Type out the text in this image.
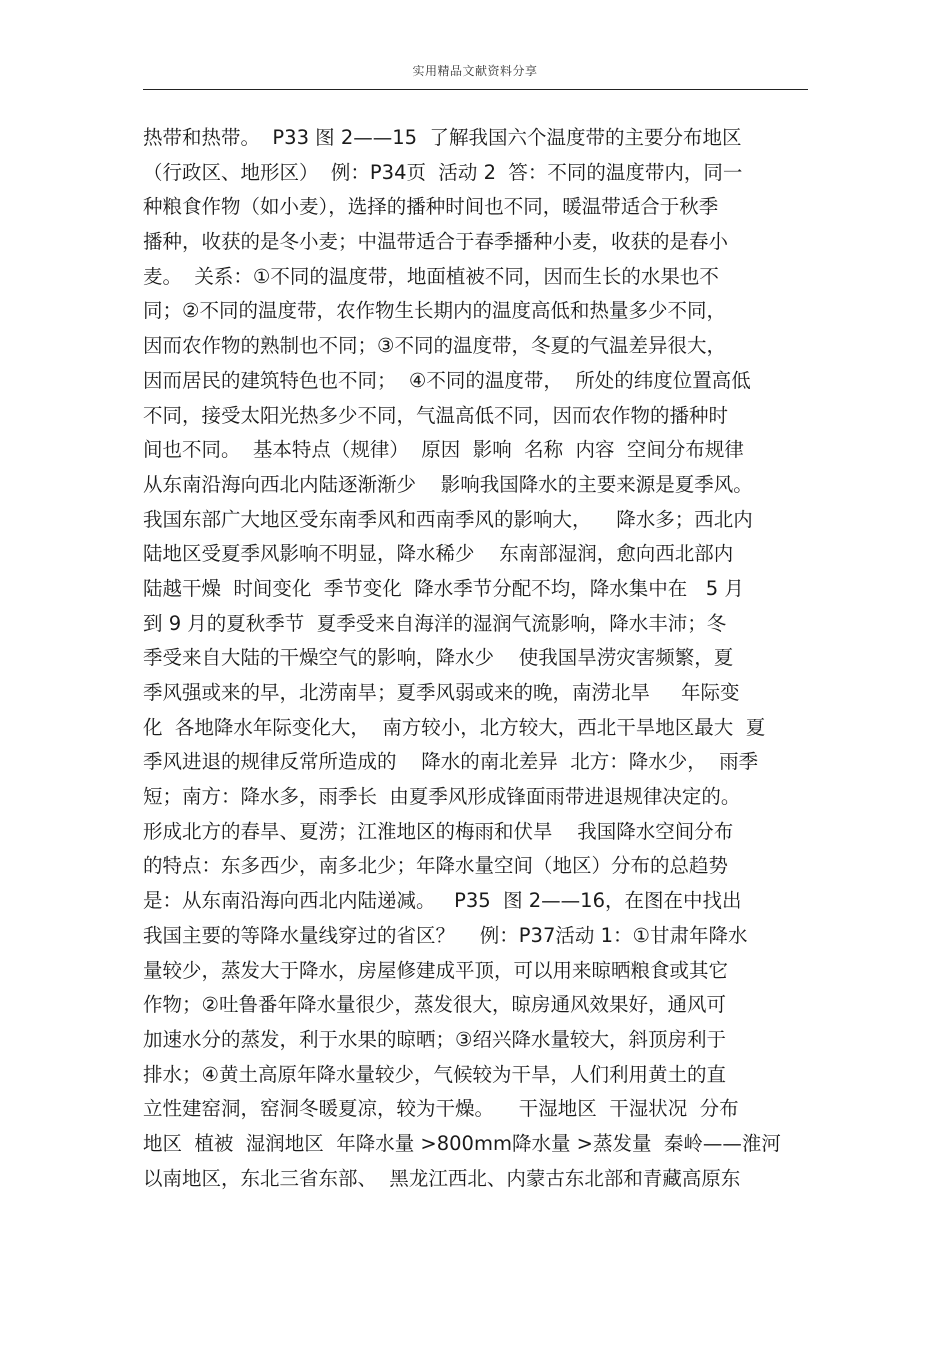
实用精品文献资料分享
热带和热带。  P33 图 2——15  了解我国六个温度带的主要分布地区
（行政区、地形区）  例：P34页  活动 2  答：不同的温度带内，同一
种粮食作物（如小麦），选择的播种时间也不同，暖温带适合于秋季
播种，收获的是冬小麦；中温带适合于春季播种小麦，收获的是春小
麦。  关系：①不同的温度带，地面植被不同，因而生长的水果也不
同；②不同的温度带，农作物生长期内的温度高低和热量多少不同，
因而农作物的熟制也不同；③不同的温度带，冬夏的气温差异很大，
因而居民的建筑特色也不同；  ④不同的温度带，  所处的纬度位置高低
不同，接受太阳光热多少不同，气温高低不同，因而农作物的播种时
间也不同。  基本特点（规律）  原因  影响  名称  内容  空间分布规律
从东南沿海向西北内陆逐渐渐少    影响我国降水的主要来源是夏季风。
我国东部广大地区受东南季风和西南季风的影响大，    降水多；西北内
陆地区受夏季风影响不明显，降水稀少    东南部湿润，愈向西北部内
陆越干燥  时间变化  季节变化  降水季节分配不均，降水集中在   5 月
到 9 月的夏秋季节  夏季受来自海洋的湿润气流影响，降水丰沛；冬
季受来自大陆的干燥空气的影响，降水少    使我国旱涝灾害频繁，夏
季风强或来的早，北涝南旱；夏季风弱或来的晚，南涝北旱     年际变
化  各地降水年际变化大，  南方较小，北方较大，西北干旱地区最大  夏
季风进退的规律反常所造成的    降水的南北差异  北方：降水少，  雨季
短；南方：降水多，雨季长  由夏季风形成锋面雨带进退规律决定的。
形成北方的春旱、夏涝；江淮地区的梅雨和伏旱    我国降水空间分布
的特点：东多西少，南多北少；年降水量空间（地区）分布的总趋势
是：从东南沿海向西北内陆递减。   P35  图 2——16，在图在中找出
我国主要的等降水量线穿过的省区？    例：P37活动 1：①甘肃年降水
量较少，蒸发大于降水，房屋修建成平顶，可以用来晾晒粮食或其它
作物；②吐鲁番年降水量很少，蒸发很大，晾房通风效果好，通风可
加速水分的蒸发，利于水果的晾晒；③绍兴降水量较大，斜顶房利于
排水；④黄土高原年降水量较少，气候较为干旱，人们利用黄土的直
立性建窑洞，窑洞冬暖夏凉，较为干燥。    干湿地区  干湿状况  分布
地区  植被  湿润地区  年降水量 >800mm降水量 >蒸发量  秦岭——淮河
以南地区，东北三省东部、  黑龙江西北、内蒙古东北部和青藏高原东
